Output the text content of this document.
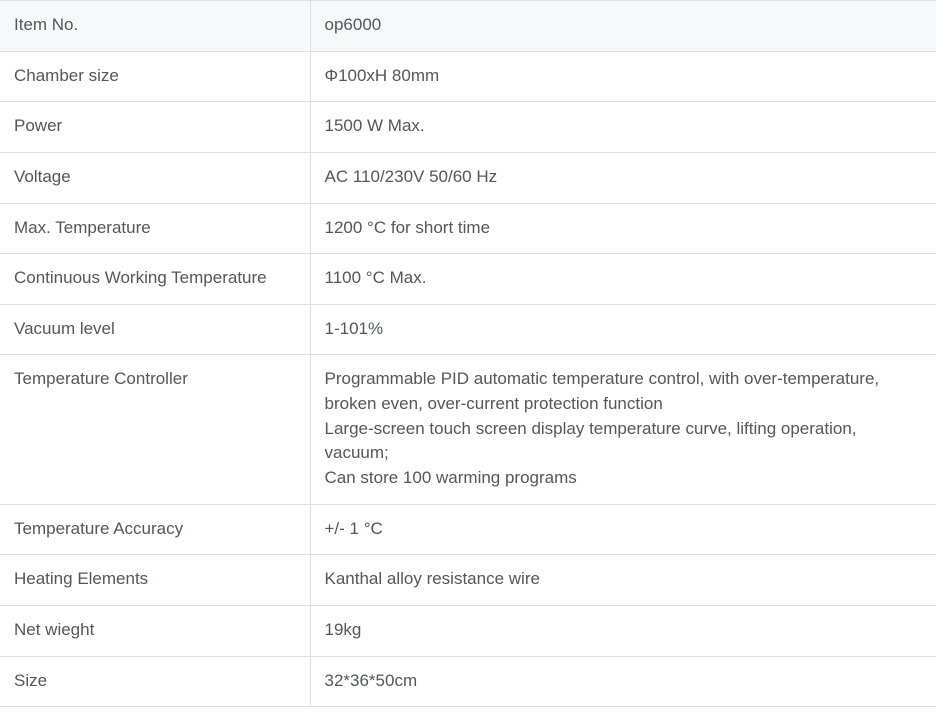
Item No.	op6000
Chamber size	Φ100xH 80mm
Power	1500 W Max.
Voltage	AC 110/230V 50/60 Hz
Max. Temperature	1200 °C for short time
Continuous Working Temperature	1100 °C Max.
Vacuum level	1-101%
Temperature Controller	Programmable PID automatic temperature control, with over-temperature, broken even, over-current protection function
Large-screen touch screen display temperature curve, lifting operation, vacuum;
Can store 100 warming programs
Temperature Accuracy	+/- 1 °C
Heating Elements	Kanthal alloy resistance wire
Net wieght	19kg
Size	32*36*50cm
